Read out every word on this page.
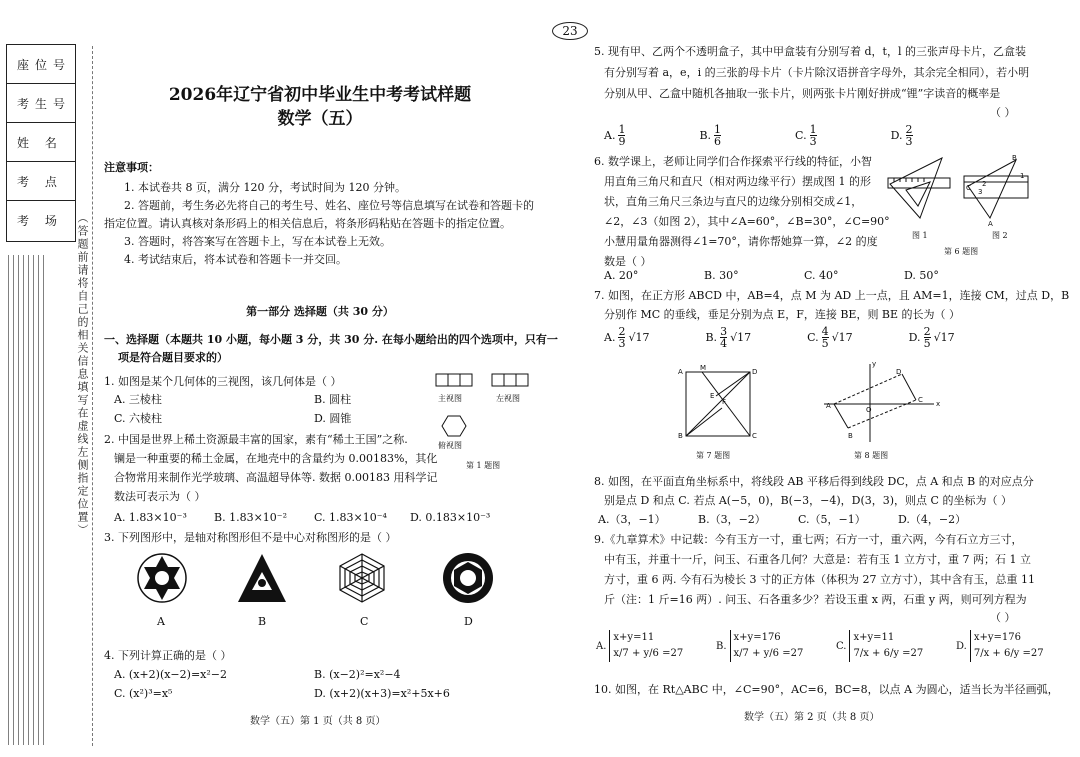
23
座位号
考生号
姓 名
考 点
考 场	（答题前请将自己的相关信息填写在虚线左侧指定位置）
2026年辽宁省初中毕业生中考考试样题
数学（五）
注意事项：
1. 本试卷共 8 页，满分 120 分，考试时间为 120 分钟。
2. 答题前，考生务必先将自己的考生号、姓名、座位号等信息填写在试卷和答题卡的
指定位置。请认真核对条形码上的相关信息后，将条形码粘贴在答题卡的指定位置。
3. 答题时，将答案写在答题卡上，写在本试卷上无效。
4. 考试结束后，将本试卷和答题卡一并交回。
第一部分 选择题（共 30 分）
一、选择题（本题共 10 小题，每小题 3 分，共 30 分. 在每小题给出的四个选项中，只有一
项是符合题目要求的）
1. 如图是某个几何体的三视图，该几何体是（ ）
A. 三棱柱	B. 圆柱
C. 六棱柱	D. 圆锥
主视图	左视图
俯视图
第 1 题图
2. 中国是世界上稀土资源最丰富的国家，素有“稀土王国”之称.
镧是一种重要的稀土金属，在地壳中的含量约为 0.00183%，其化
合物常用来制作光学玻璃、高温超导体等. 数据 0.00183 用科学记
数法可表示为（ ）
A. 1.83×10⁻³ B. 1.83×10⁻² C. 1.83×10⁻⁴ D. 0.183×10⁻³
3. 下列图形中，是轴对称图形但不是中心对称图形的是（ ）
A	B	C	D
4. 下列计算正确的是（ ）
A. (x+2)(x−2)=x²−2	B. (x−2)²=x²−4
C. (x²)³=x⁵	D. (x+2)(x+3)=x²+5x+6
数学（五）第 1 页（共 8 页）
5. 现有甲、乙两个不透明盒子，其中甲盒装有分别写着 d，t，l 的三张声母卡片，乙盒装
有分别写着 a，e，i 的三张韵母卡片（卡片除汉语拼音字母外，其余完全相同），若小明
分别从甲、乙盒中随机各抽取一张卡片，则两张卡片刚好拼成“锂”字读音的概率是
（ ）
A. 1
9	B. 1
6	C. 1
3	D. 2
3
6. 数学课上，老师让同学们合作探索平行线的特征，小智
用直角三角尺和直尺（相对两边缘平行）摆成图 1 的形
状，直角三角尺三条边与直尺的边缘分别相交成∠1，
∠2，∠3（如图 2），其中∠A=60°，∠B=30°，∠C=90°
小慧用量角器测得∠1=70°，请你帮她算一算，∠2 的度
数是（ ）
B
C
A
1
2
3
图 1	图 2
第 6 题图
A. 20°	B. 30°	C. 40°	D. 50°
7. 如图，在正方形 ABCD 中，AB=4，点 M 为 AD 上一点，且 AM=1，连接 CM，过点 D，B
分别作 MC 的垂线，垂足分别为点 E，F，连接 BE，则 BE 的长为（ ）
A. 2
3 √17	B. 3
4 √17	C. 4
5 √17	D. 2
5 √17
A M	D
B	C
E
F
第 7 题图
A
B
D
C
O
x
y
第 8 题图
8. 如图，在平面直角坐标系中，将线段 AB 平移后得到线段 DC，点 A 和点 B 的对应点分
别是点 D 和点 C. 若点 A(−5，0)，B(−3，−4)，D(3，3)，则点 C 的坐标为（ ）
A.（3，−1）	B.（3，−2）	C.（5，−1）	D.（4，−2）
9.《九章算术》中记载：今有玉方一寸，重七两；石方一寸，重六两，今有石立方三寸，
中有玉，并重十一斤，问玉、石重各几何？大意是：若有玉 1 立方寸，重 7 两；石 1 立
方寸，重 6 两. 今有石为棱长 3 寸的正方体（体积为 27 立方寸），其中含有玉，总重 11
斤（注：1 斤=16 两）. 问玉、石各重多少？若设玉重 x 两，石重 y 两，则可列方程为
（ ）
A.
x+y=11
x/7 + y/6 =27
B.
x+y=176
x/7 + y/6 =27
C.
x+y=11
7/x + 6/y =27
D.
x+y=176
7/x + 6/y =27
10. 如图，在 Rt△ABC 中，∠C=90°，AC=6，BC=8，以点 A 为圆心，适当长为半径画弧，
数学（五）第 2 页（共 8 页）
